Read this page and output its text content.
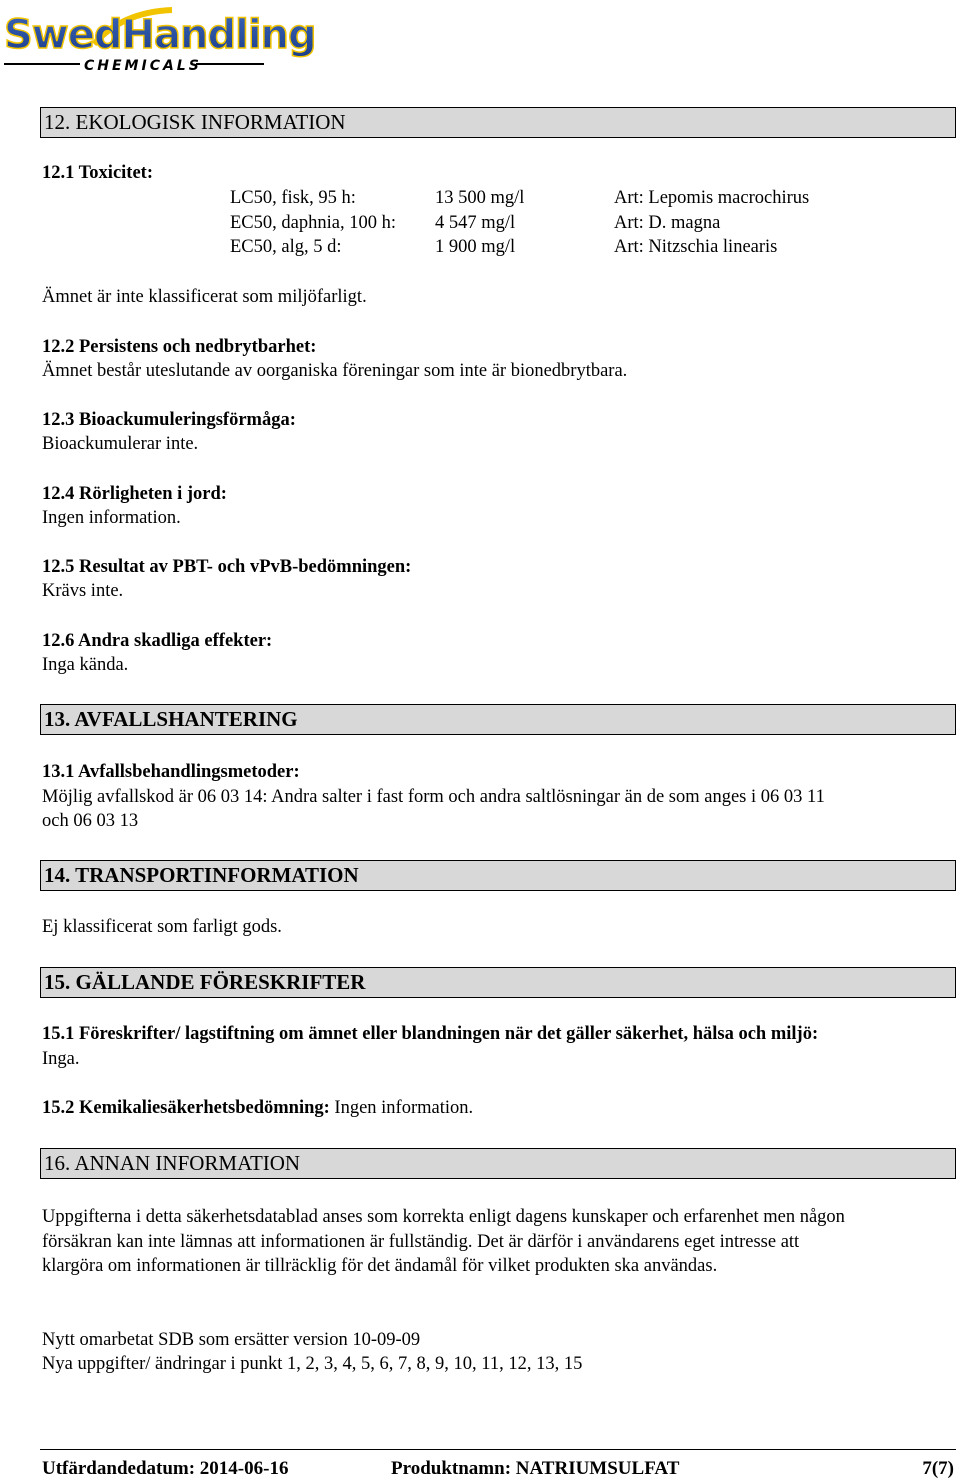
SwedHandling
CHEMICALS
12. EKOLOGISK INFORMATION
12.1 Toxicitet:
LC50, fisk, 95 h:	13 500 mg/l	Art: Lepomis macrochirus
EC50, daphnia, 100 h: 4 547 mg/l	Art: D. magna
EC50, alg, 5 d:	1 900 mg/l	Art: Nitzschia linearis
Ämnet är inte klassificerat som miljöfarligt.
12.2 Persistens och nedbrytbarhet:
Ämnet består uteslutande av oorganiska föreningar som inte är bionedbrytbara.
12.3 Bioackumuleringsförmåga:
Bioackumulerar inte.
12.4 Rörligheten i jord:
Ingen information.
12.5 Resultat av PBT- och vPvB-bedömningen:
Krävs inte.
12.6 Andra skadliga effekter:
Inga kända.
13. AVFALLSHANTERING
13.1 Avfallsbehandlingsmetoder:
Möjlig avfallskod är 06 03 14: Andra salter i fast form och andra saltlösningar än de som anges i 06 03 11
och 06 03 13
14. TRANSPORTINFORMATION
Ej klassificerat som farligt gods.
15. GÄLLANDE FÖRESKRIFTER
15.1 Föreskrifter/ lagstiftning om ämnet eller blandningen när det gäller säkerhet, hälsa och miljö:
Inga.
15.2 Kemikaliesäkerhetsbedömning: Ingen information.
16. ANNAN INFORMATION
Uppgifterna i detta säkerhetsdatablad anses som korrekta enligt dagens kunskaper och erfarenhet men någon
försäkran kan inte lämnas att informationen är fullständig. Det är därför i användarens eget intresse att
klargöra om informationen är tillräcklig för det ändamål för vilket produkten ska användas.
Nytt omarbetat SDB som ersätter version 10-09-09
Nya uppgifter/ ändringar i punkt 1, 2, 3, 4, 5, 6, 7, 8, 9, 10, 11, 12, 13, 15
Utfärdandedatum: 2014-06-16	Produktnamn: NATRIUMSULFAT	7(7)
